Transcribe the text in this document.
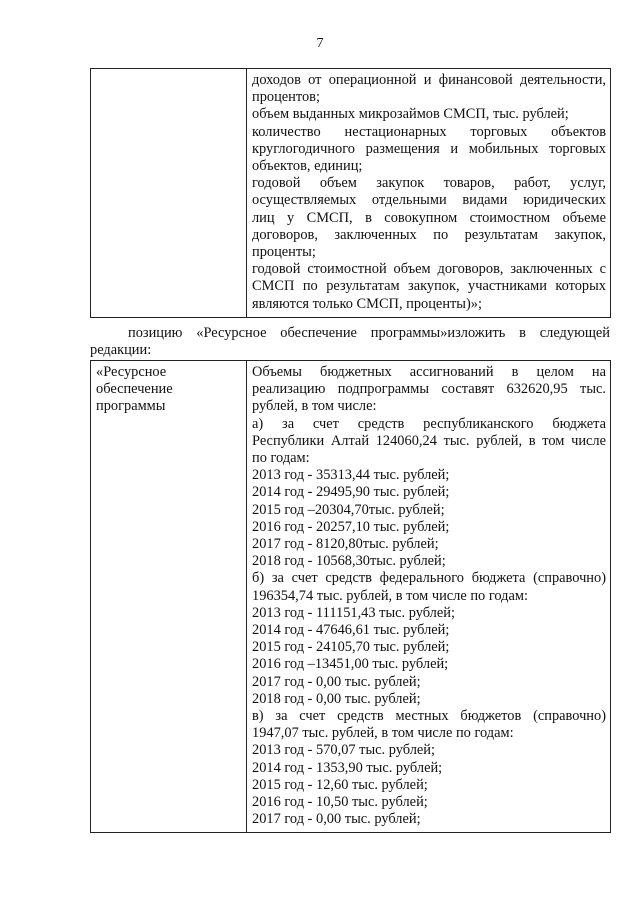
7

доходов от операционной и финансовой деятельности,
процентов;
объем выданных микрозаймов СМСП, тыс. рублей;
количество нестационарных торговых объектов
круглогодичного размещения и мобильных торговых
объектов, единиц;
годовой объем закупок товаров, работ, услуг,
осуществляемых отдельными видами юридических
лиц у СМСП, в совокупном стоимостном объеме
договоров, заключенных по результатам закупок,
проценты;
годовой стоимостной объем договоров, заключенных с
СМСП по результатам закупок, участниками которых
являются только СМСП, проценты)»;
позицию «Ресурсное обеспечение программы»изложить в следующей
редакции:
«Ресурсное
обеспечение
программы

Объемы бюджетных ассигнований в целом на
реализацию подпрограммы составят 632620,95 тыс.
рублей, в том числе:
а) за счет средств республиканского бюджета
Республики Алтай 124060,24 тыс. рублей, в том числе
по годам:
2013 год - 35313,44 тыс. рублей;
2014 год - 29495,90 тыс. рублей;
2015 год –20304,70тыс. рублей;
2016 год - 20257,10 тыс. рублей;
2017 год - 8120,80тыс. рублей;
2018 год - 10568,30тыс. рублей;
б) за счет средств федерального бюджета (справочно)
196354,74 тыс. рублей, в том числе по годам:
2013 год - 111151,43 тыс. рублей;
2014 год - 47646,61 тыс. рублей;
2015 год - 24105,70 тыс. рублей;
2016 год –13451,00 тыс. рублей;
2017 год - 0,00 тыс. рублей;
2018 год - 0,00 тыс. рублей;
в) за счет средств местных бюджетов (справочно)
1947,07 тыс. рублей, в том числе по годам:
2013 год - 570,07 тыс. рублей;
2014 год - 1353,90 тыс. рублей;
2015 год - 12,60 тыс. рублей;
2016 год - 10,50 тыс. рублей;
2017 год - 0,00 тыс. рублей;
